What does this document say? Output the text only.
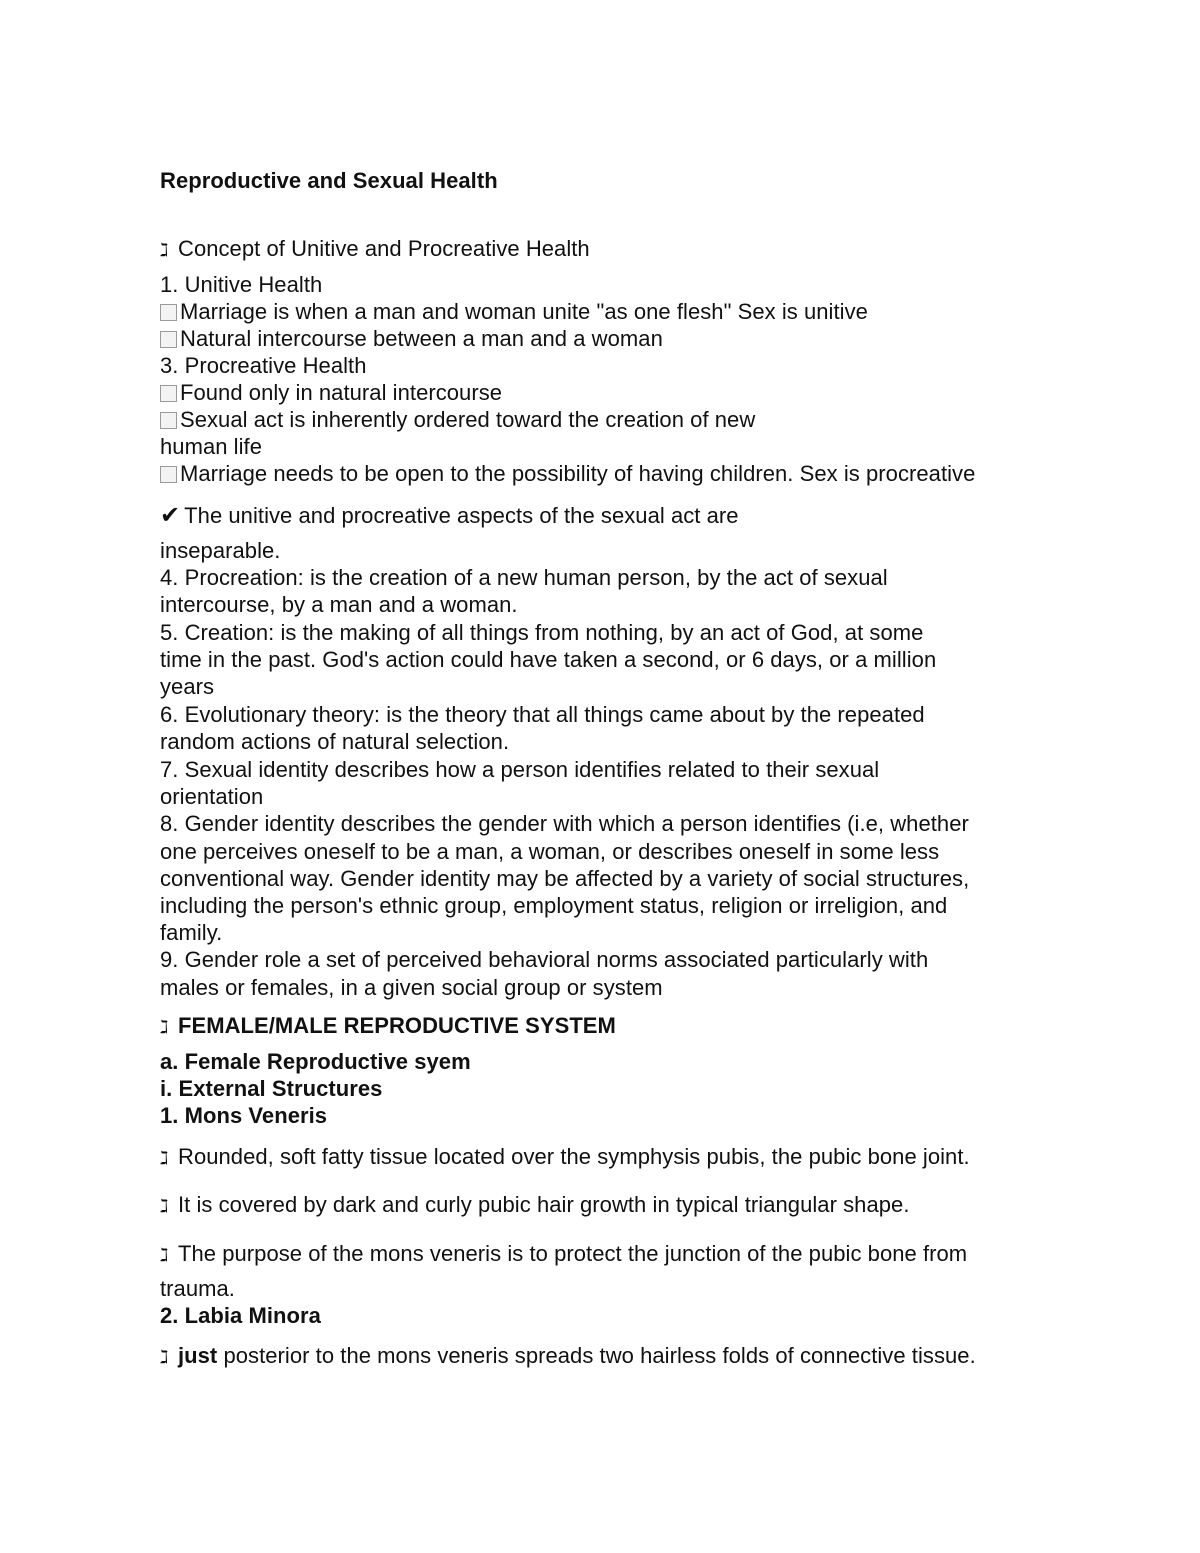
Reproductive and Sexual Health

ℷ Concept of Unitive and Procreative Health

1. Unitive Health

Marriage is when a man and woman unite "as one flesh" Sex is unitive

Natural intercourse between a man and a woman

3. Procreative Health

Found only in natural intercourse

Sexual act is inherently ordered toward the creation of new

human life

Marriage needs to be open to the possibility of having children. Sex is procreative

✔ The unitive and procreative aspects of the sexual act are

inseparable.

4. Procreation: is the creation of a new human person, by the act of sexual

intercourse, by a man and a woman.

5. Creation: is the making of all things from nothing, by an act of God, at some

time in the past. God's action could have taken a second, or 6 days, or a million

years

6. Evolutionary theory: is the theory that all things came about by the repeated

random actions of natural selection.

7. Sexual identity describes how a person identifies related to their sexual

orientation

8. Gender identity describes the gender with which a person identifies (i.e, whether

one perceives oneself to be a man, a woman, or describes oneself in some less

conventional way. Gender identity may be affected by a variety of social structures,

including the person's ethnic group, employment status, religion or irreligion, and

family.

9. Gender role a set of perceived behavioral norms associated particularly with

males or females, in a given social group or system

ℷ FEMALE/MALE REPRODUCTIVE SYSTEM

a. Female Reproductive syem

i. External Structures

1. Mons Veneris

ℷ Rounded, soft fatty tissue located over the symphysis pubis, the pubic bone joint.

ℷ It is covered by dark and curly pubic hair growth in typical triangular shape.

ℷ The purpose of the mons veneris is to protect the junction of the pubic bone from

trauma.

2. Labia Minora

ℷ just posterior to the mons veneris spreads two hairless folds of connective tissue.
